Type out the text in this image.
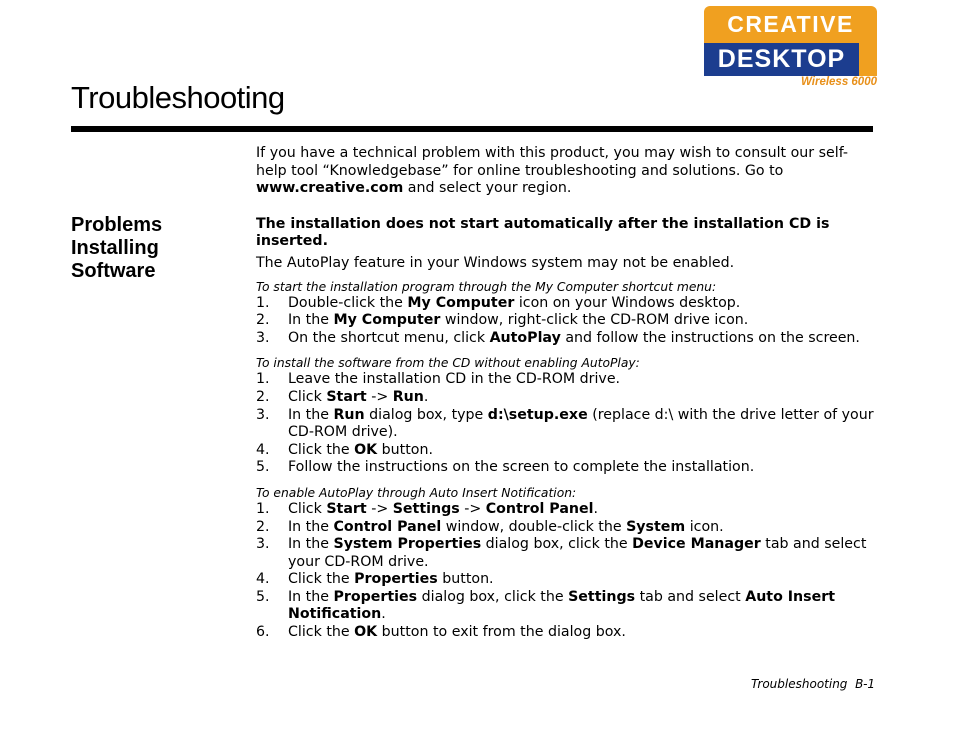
CREATIVE
DESKTOP
Wireless 6000
Troubleshooting
Problems Installing Software

If you have a technical problem with this product, you may wish to consult our self-help tool “Knowledgebase” for online troubleshooting and solutions. Go to www.creative.com and select your region.

The installation does not start automatically after the installation CD is inserted.

The AutoPlay feature in your Windows system may not be enabled.

To start the installation program through the My Computer shortcut menu:

1. Double-click the My Computer icon on your Windows desktop.
2. In the My Computer window, right-click the CD-ROM drive icon.
3. On the shortcut menu, click AutoPlay and follow the instructions on the screen.

To install the software from the CD without enabling AutoPlay:

1. Leave the installation CD in the CD-ROM drive.
2. Click Start -> Run.
3. In the Run dialog box, type d:\setup.exe (replace d:\ with the drive letter of your CD-ROM drive).
4. Click the OK button.
5. Follow the instructions on the screen to complete the installation.

To enable AutoPlay through Auto Insert Notification:

1. Click Start -> Settings -> Control Panel.
2. In the Control Panel window, double-click the System icon.
3. In the System Properties dialog box, click the Device Manager tab and select your CD-ROM drive.
4. Click the Properties button.
5. In the Properties dialog box, click the Settings tab and select Auto Insert Notification.
6. Click the OK button to exit from the dialog box.
Troubleshooting B-1
